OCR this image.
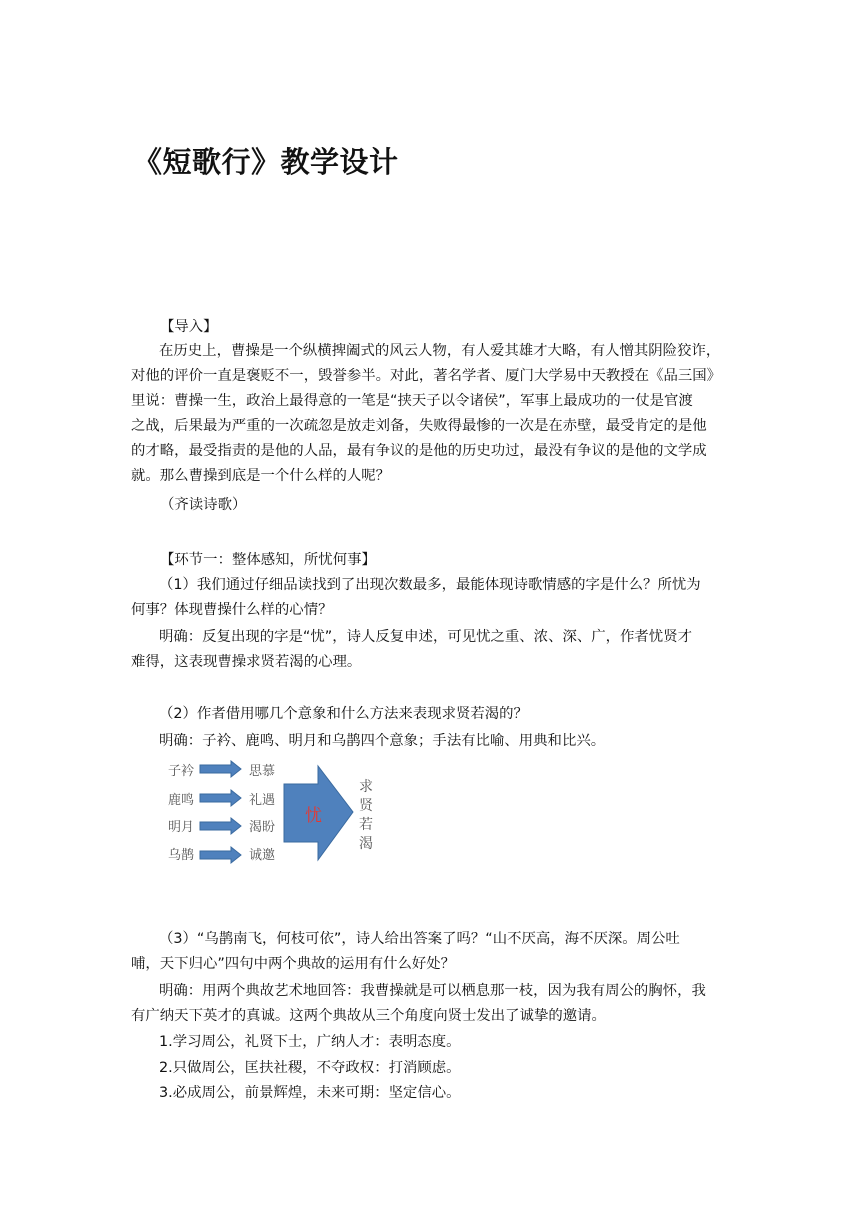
《短歌行》教学设计
【导入】
在历史上，曹操是一个纵横捭阖式的风云人物，有人爱其雄才大略，有人憎其阴险狡诈，
对他的评价一直是褒贬不一，毁誉参半。对此，著名学者、厦门大学易中天教授在《品三国》
里说：曹操一生，政治上最得意的一笔是“挟天子以令诸侯”，军事上最成功的一仗是官渡
之战，后果最为严重的一次疏忽是放走刘备，失败得最惨的一次是在赤壁，最受肯定的是他
的才略，最受指责的是他的人品，最有争议的是他的历史功过，最没有争议的是他的文学成
就。那么曹操到底是一个什么样的人呢？
（齐读诗歌）
【环节一：整体感知，所忧何事】
（1）我们通过仔细品读找到了出现次数最多，最能体现诗歌情感的字是什么？所忧为
何事？体现曹操什么样的心情？
明确：反复出现的字是“忧”，诗人反复申述，可见忧之重、浓、深、广，作者忧贤才
难得，这表现曹操求贤若渴的心理。
（2）作者借用哪几个意象和什么方法来表现求贤若渴的？
明确：子衿、鹿鸣、明月和乌鹊四个意象；手法有比喻、用典和比兴。
子衿
鹿鸣
明月
乌鹊
思慕
礼遇
渴盼
诚邀
忧
求
贤
若
渴
（3）“乌鹊南飞，何枝可依”，诗人给出答案了吗？“山不厌高，海不厌深。周公吐
哺，天下归心”四句中两个典故的运用有什么好处？
明确：用两个典故艺术地回答：我曹操就是可以栖息那一枝，因为我有周公的胸怀，我
有广纳天下英才的真诚。这两个典故从三个角度向贤士发出了诚挚的邀请。
1.学习周公，礼贤下士，广纳人才：表明态度。
2.只做周公，匡扶社稷，不夺政权：打消顾虑。
3.必成周公，前景辉煌，未来可期：坚定信心。
